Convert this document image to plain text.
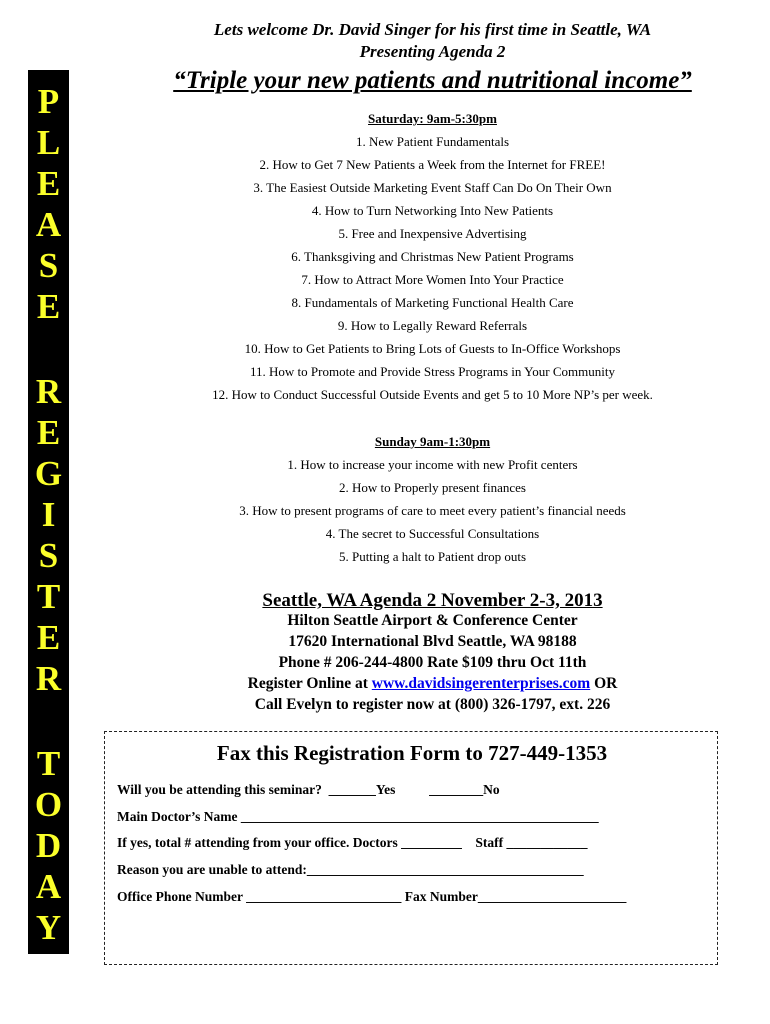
P
L
E
A
S
E
R
E
G
I
S
T
E
R
T
O
D
A
Y
Lets welcome Dr. David Singer for his first time in Seattle, WA
Presenting Agenda 2
“Triple your new patients and nutritional income”
Saturday: 9am-5:30pm
1. New Patient Fundamentals
2. How to Get 7 New Patients a Week from the Internet for FREE!
3. The Easiest Outside Marketing Event Staff Can Do On Their Own
4. How to Turn Networking Into New Patients
5. Free and Inexpensive Advertising
6. Thanksgiving and Christmas New Patient Programs
7. How to Attract More Women Into Your Practice
8. Fundamentals of Marketing Functional Health Care
9. How to Legally Reward Referrals
10. How to Get Patients to Bring Lots of Guests to In-Office Workshops
11. How to Promote and Provide Stress Programs in Your Community
12. How to Conduct Successful Outside Events and get 5 to 10 More NP’s per week.
Sunday 9am-1:30pm
1. How to increase your income with new Profit centers
2. How to Properly present finances
3. How to present programs of care to meet every patient’s financial needs
4. The secret to Successful Consultations
5. Putting a halt to Patient drop outs
Seattle, WA Agenda 2 November 2-3, 2013
Hilton Seattle Airport & Conference Center
17620 International Blvd Seattle, WA 98188
Phone # 206-244-4800 Rate $109 thru Oct 11th
Register Online at www.davidsingerenterprises.com OR
Call Evelyn to register now at (800) 326-1797, ext. 226
Fax this Registration Form to 727-449-1353
Will you be attending this seminar?  _______Yes          ________No
Main Doctor’s Name _____________________________________________________
If yes, total # attending from your office. Doctors _________    Staff ____________
Reason you are unable to attend:_________________________________________
Office Phone Number _______________________ Fax Number______________________
